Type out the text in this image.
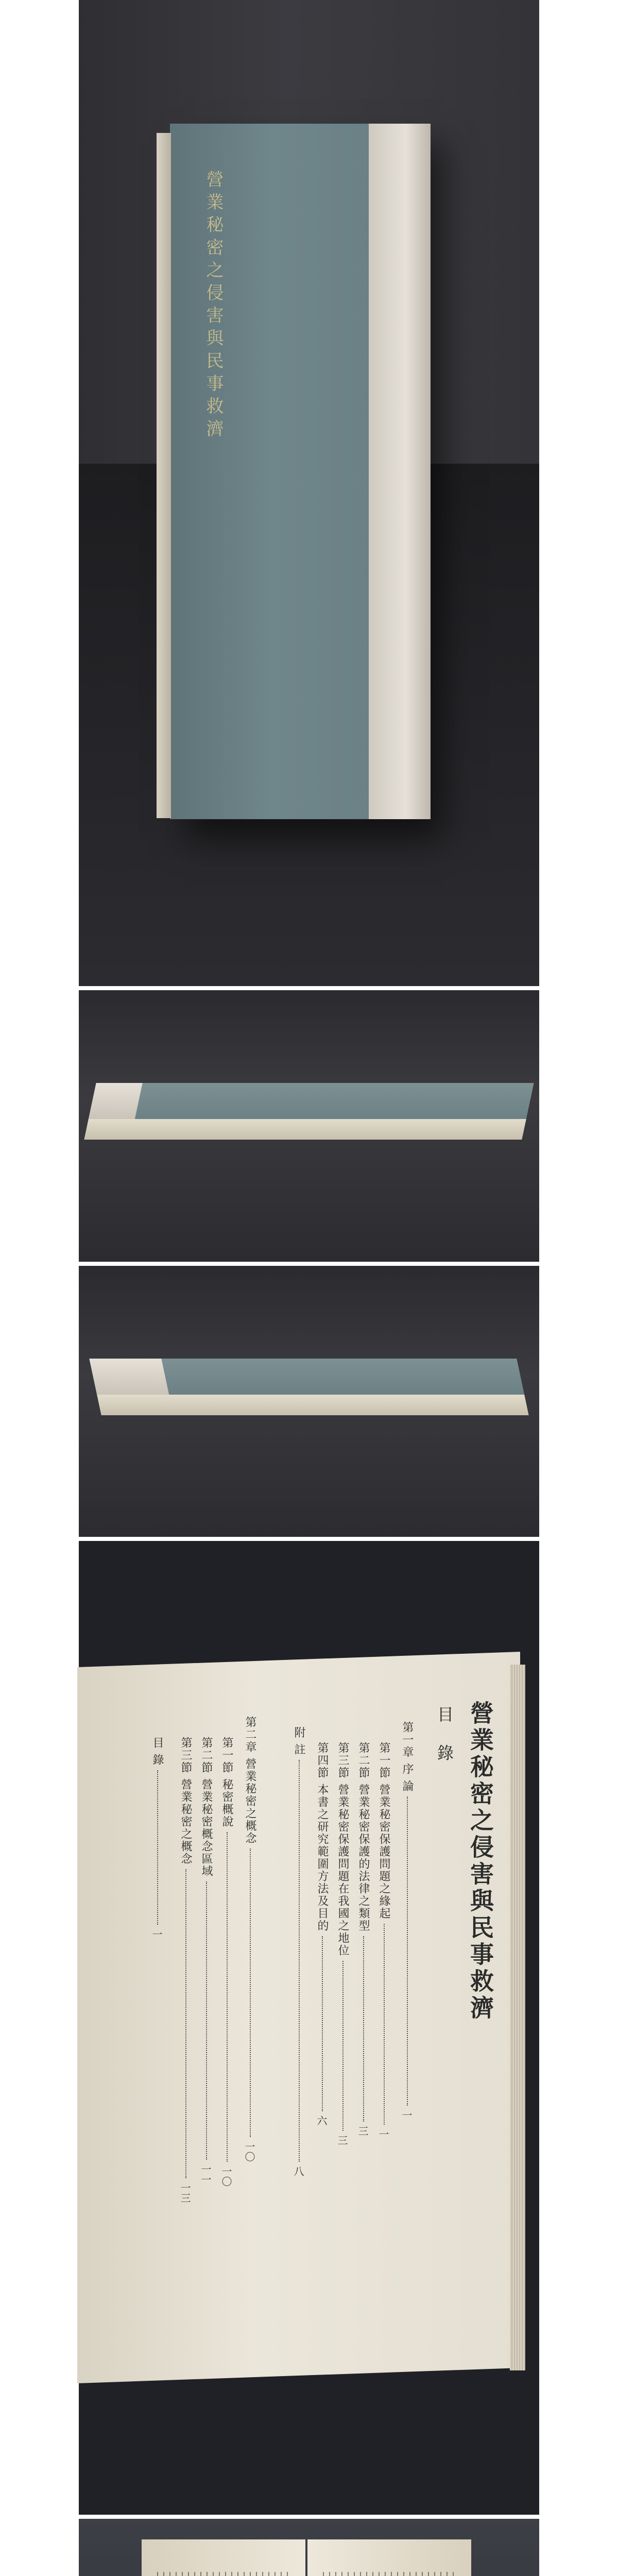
營業秘密之侵害與民事救濟
營業秘密之侵害與民事救濟
目 錄
第一章 序 論
一
第一節 營業秘密保護問題之緣起
一
第二節 營業秘密保護的法律之類型
三
第三節 營業秘密保護問題在我國之地位
三
第四節 本書之研究範圍方法及目的
六
附 註
八
第二章 營業秘密之概念
一〇
第一節 秘密概說
一〇
第二節 營業秘密概念區域
一一
第三節 營業秘密之概念
一三
目 錄
一
